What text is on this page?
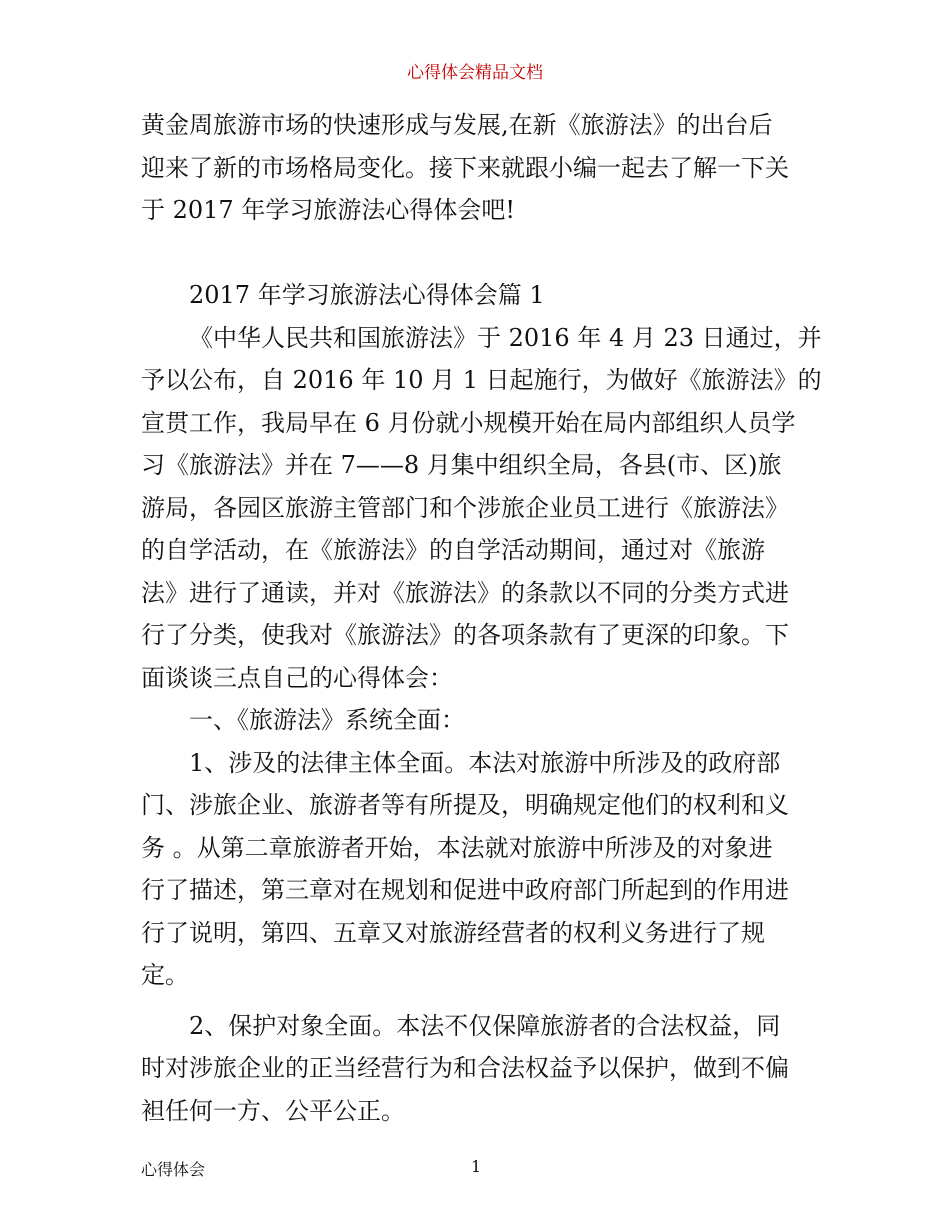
心得体会精品文档
黄金周旅游市场的快速形成与发展,在新《旅游法》的出台后
迎来了新的市场格局变化。接下来就跟小编一起去了解一下关
于 2017 年学习旅游法心得体会吧!
2017 年学习旅游法心得体会篇 1
《中华人民共和国旅游法》于 2016 年 4 月 23 日通过，并
予以公布，自 2016 年 10 月 1 日起施行，为做好《旅游法》的
宣贯工作，我局早在 6 月份就小规模开始在局内部组织人员学
习《旅游法》并在 7——8 月集中组织全局，各县(市、区)旅
游局，各园区旅游主管部门和个涉旅企业员工进行《旅游法》
的自学活动，在《旅游法》的自学活动期间，通过对《旅游
法》进行了通读，并对《旅游法》的条款以不同的分类方式进
行了分类，使我对《旅游法》的各项条款有了更深的印象。下
面谈谈三点自己的心得体会：
一、《旅游法》系统全面：
1、涉及的法律主体全面。本法对旅游中所涉及的政府部
门、涉旅企业、旅游者等有所提及，明确规定他们的权利和义
务 。从第二章旅游者开始，本法就对旅游中所涉及的对象进
行了描述，第三章对在规划和促进中政府部门所起到的作用进
行了说明，第四、五章又对旅游经营者的权利义务进行了规
定。
2、保护对象全面。本法不仅保障旅游者的合法权益，同
时对涉旅企业的正当经营行为和合法权益予以保护，做到不偏
袒任何一方、公平公正。
心得体会	1
